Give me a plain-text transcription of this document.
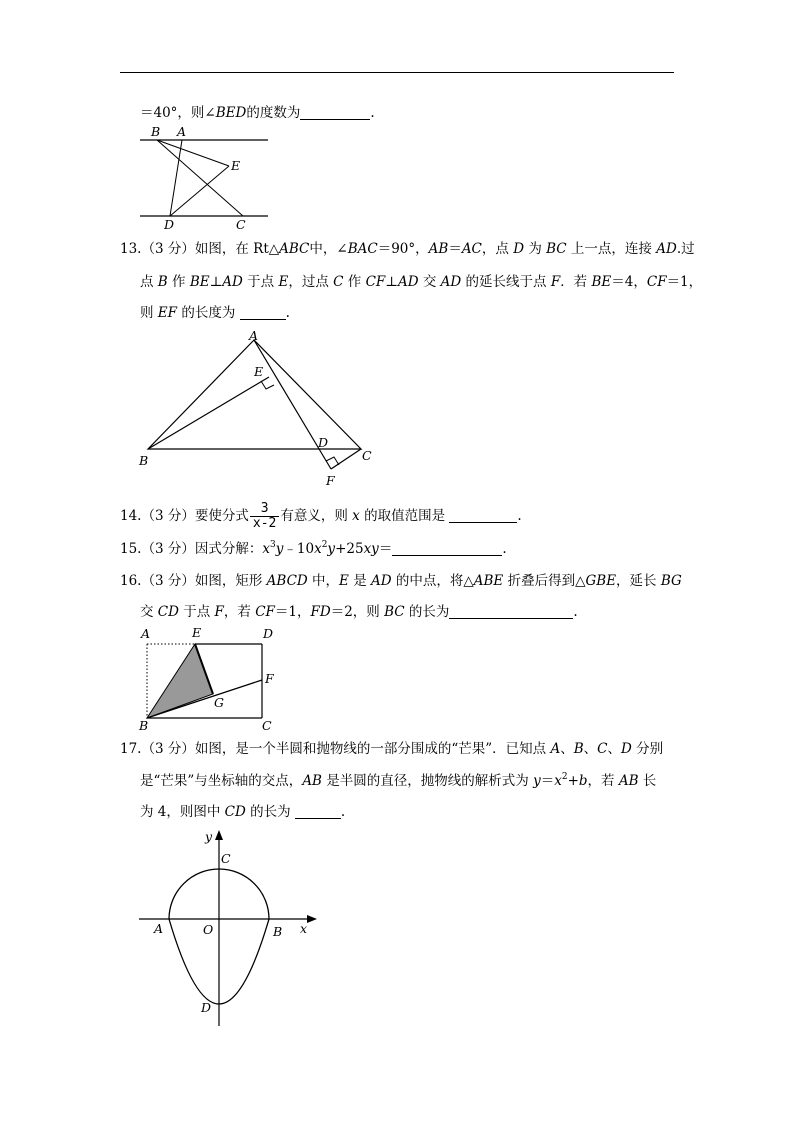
＝40°，则∠BED的度数为	.
B A
E
D	C
13.（3 分）如图，在 Rt△ABC中，∠BAC＝90°，AB＝AC，点 D 为 BC 上一点，连接 AD.过
点 B 作 BE⊥AD 于点 E，过点 C 作 CF⊥AD 交 AD 的延长线于点 F．若 BE＝4，CF＝1，
则 EF 的长度为	.
A
E
B
D
C
F
14.（3 分）要使分式 $\frac{3}{x-2}$ 有意义，则 x 的取值范围是	.
15.（3 分）因式分解：$x^3y﹣10x^2y+25xy=$	.
16.（3 分）如图，矩形 ABCD 中，E 是 AD 的中点，将△ABE 折叠后得到△GBE，延长 BG
交 CD 于点 F，若 CF＝1，FD＝2，则 BC 的长为	.
A	E	D
F
G
B	C
17.（3 分）如图，是一个半圆和抛物线的一部分围成的“芒果”．已知点 A、B、C、D 分别
是“芒果”与坐标轴的交点，AB 是半圆的直径，抛物线的解析式为 $y=x^2+b$，若 AB 长
为 4，则图中 CD 的长为	.
y
C
A	O	B x
D
